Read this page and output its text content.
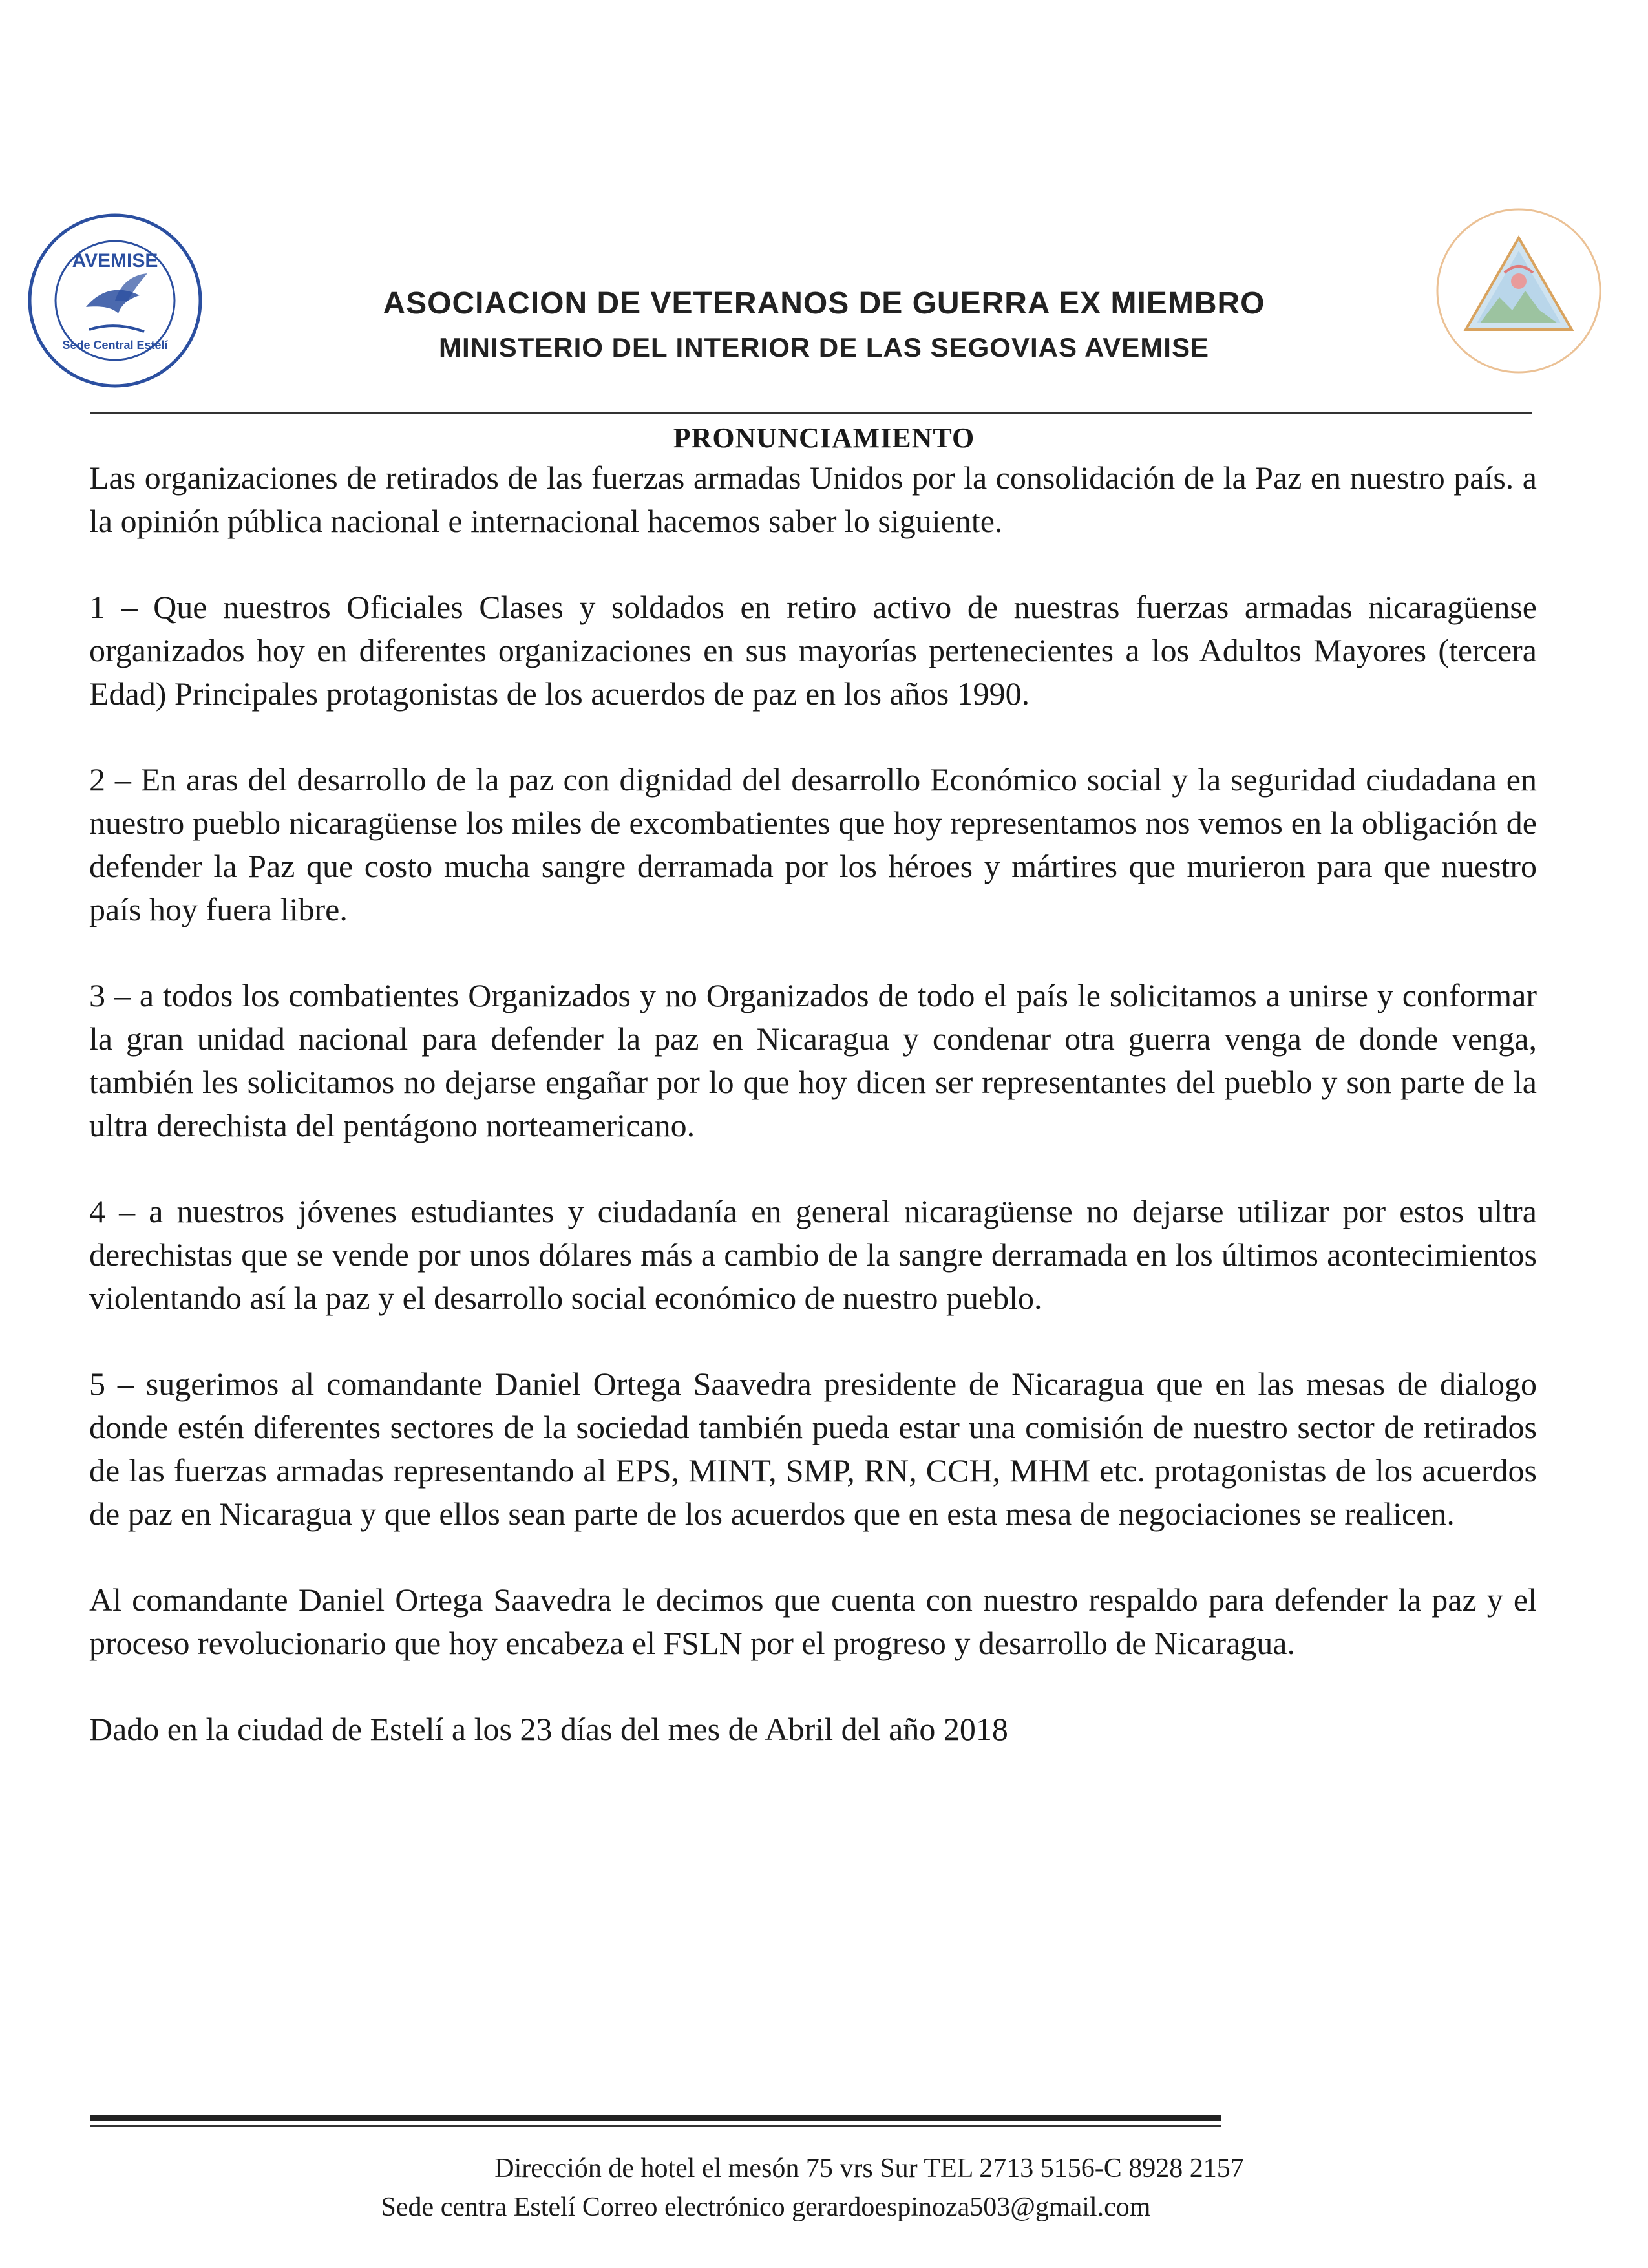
AVEMISE
Sede Central Estelí
ASOCIACION DE VETERANOS DE GUERRA EX MIEMBRO
MINISTERIO DEL INTERIOR DE LAS SEGOVIAS AVEMISE
PRONUNCIAMIENTO

Las organizaciones de retirados de las fuerzas armadas Unidos por la consolidación de la Paz en nuestro país. a la opinión pública nacional e internacional hacemos saber lo siguiente.

1 – Que nuestros Oficiales Clases y soldados en retiro activo de nuestras fuerzas armadas nicaragüense organizados hoy en diferentes organizaciones en sus mayorías pertenecientes a los Adultos Mayores (tercera Edad) Principales protagonistas de los acuerdos de paz en los años 1990.

2 – En aras del desarrollo de la paz con dignidad del desarrollo Económico social y la seguridad ciudadana en nuestro pueblo nicaragüense los miles de excombatientes que hoy representamos nos vemos en la obligación de defender la Paz que costo mucha sangre derramada por los héroes y mártires que murieron para que nuestro país hoy fuera libre.

3 – a todos los combatientes Organizados y no Organizados de todo el país le solicitamos a unirse y conformar la gran unidad nacional para defender la paz en Nicaragua y condenar otra guerra venga de donde venga, también les solicitamos no dejarse engañar por lo que hoy dicen ser representantes del pueblo y son parte de la ultra derechista del pentágono norteamericano.

4 – a nuestros jóvenes estudiantes y ciudadanía en general nicaragüense no dejarse utilizar por estos ultra derechistas que se vende por unos dólares más a cambio de la sangre derramada en los últimos acontecimientos violentando así la paz y el desarrollo social económico de nuestro pueblo.

5 – sugerimos al comandante Daniel Ortega Saavedra presidente de Nicaragua que en las mesas de dialogo donde estén diferentes sectores de la sociedad también pueda estar una comisión de nuestro sector de retirados de las fuerzas armadas representando al EPS, MINT, SMP, RN, CCH, MHM etc. protagonistas de los acuerdos de paz en Nicaragua y que ellos sean parte de los acuerdos que en esta mesa de negociaciones se realicen.

Al comandante Daniel Ortega Saavedra le decimos que cuenta con nuestro respaldo para defender la paz y el proceso revolucionario que hoy encabeza el FSLN por el progreso y desarrollo de Nicaragua.

Dado en la ciudad de Estelí a los 23 días del mes de Abril del año 2018

Dirección de hotel el mesón 75 vrs Sur TEL 2713 5156-C 8928 2157
Sede centra Estelí Correo electrónico gerardoespinoza503@gmail.com
